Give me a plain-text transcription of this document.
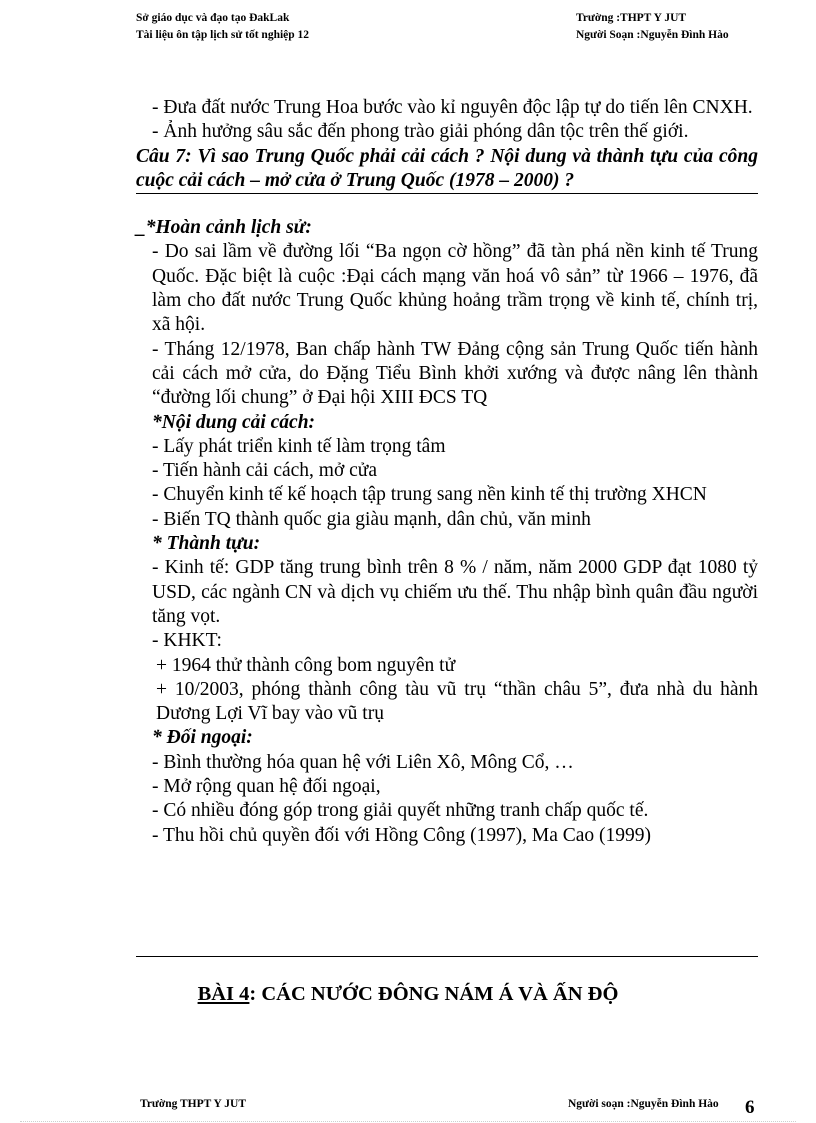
Sở giáo dục và đạo tạo ĐakLak
Tài liệu ôn tập lịch sử tốt nghiệp 12
Trường :THPT Y JUT
Người Soạn :Nguyễn Đình Hào
- Đưa đất nước Trung Hoa bước vào kỉ nguyên độc lập tự do tiến lên CNXH.
- Ảnh hưởng sâu sắc đến phong trào giải phóng dân tộc trên thế giới.
Câu 7: Vì sao Trung Quốc phải cải cách ? Nội dung và thành tựu của công cuộc cải cách – mở cửa ở Trung Quốc (1978 – 2000) ?
_*Hoàn cảnh lịch sử:
- Do sai lầm về đường lối “Ba ngọn cờ hồng” đã tàn phá nền kinh tế Trung Quốc. Đặc biệt là cuộc :Đại cách mạng văn hoá vô sản” từ 1966 – 1976, đã làm cho đất nước Trung Quốc khủng hoảng trầm trọng về kinh tế, chính trị, xã hội.
- Tháng 12/1978, Ban chấp hành TW Đảng cộng sản Trung Quốc tiến hành cải cách mở cửa, do Đặng Tiểu Bình khởi xướng và được nâng lên thành “đường lối chung” ở Đại hội XIII ĐCS TQ
*Nội dung cải cách:
- Lấy phát triển kinh tế làm trọng tâm
- Tiến hành cải cách, mở cửa
- Chuyển kinh tế kế hoạch tập trung sang nền kinh tế thị trường XHCN
- Biến TQ thành quốc gia giàu mạnh, dân chủ, văn minh
* Thành tựu:
- Kinh tế: GDP tăng trung bình trên 8 % / năm, năm 2000 GDP đạt 1080 tỷ USD, các ngành CN và dịch vụ chiếm ưu thế. Thu nhập bình quân đầu người tăng vọt.
- KHKT:
+ 1964 thử thành công bom nguyên tử
+ 10/2003, phóng thành công tàu vũ trụ “thần châu 5”, đưa nhà du hành Dương Lợi Vĩ bay vào vũ trụ
* Đối ngoại:
- Bình thường hóa quan hệ với Liên Xô, Mông Cổ, …
- Mở rộng quan hệ đối ngoại,
- Có nhiều đóng góp trong giải quyết những tranh chấp quốc tế.
- Thu hồi chủ quyền đối với Hồng Công (1997), Ma Cao (1999)
BÀI 4: CÁC NƯỚC ĐÔNG NÁM Á VÀ ẤN ĐỘ
Trường THPT Y JUT	Người soạn :Nguyễn Đình Hào 6
